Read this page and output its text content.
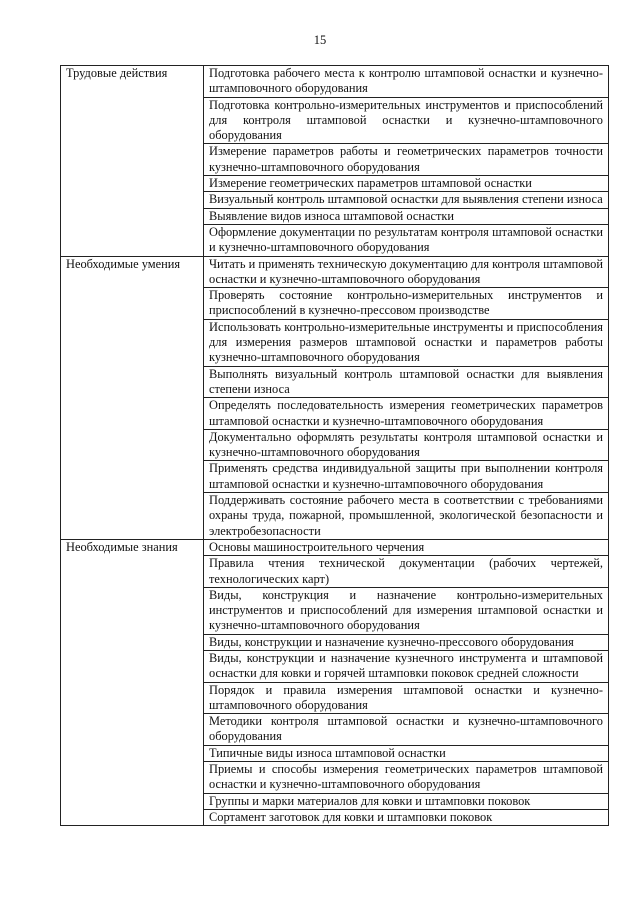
15
Трудовые действия	Подготовка рабочего места к контролю штамповой оснастки и кузнечно-штамповочного оборудования
	Подготовка контрольно-измерительных инструментов и приспособлений для контроля штамповой оснастки и кузнечно-штамповочного оборудования
	Измерение параметров работы и геометрических параметров точности кузнечно-штамповочного оборудования
	Измерение геометрических параметров штамповой оснастки
	Визуальный контроль штамповой оснастки для выявления степени износа
	Выявление видов износа штамповой оснастки
	Оформление документации по результатам контроля штамповой оснастки и кузнечно-штамповочного оборудования
Необходимые умения	Читать и применять техническую документацию для контроля штамповой оснастки и кузнечно-штамповочного оборудования
	Проверять состояние контрольно-измерительных инструментов и приспособлений в кузнечно-прессовом производстве
	Использовать контрольно-измерительные инструменты и приспособления для измерения размеров штамповой оснастки и параметров работы кузнечно-штамповочного оборудования
	Выполнять визуальный контроль штамповой оснастки для выявления степени износа
	Определять последовательность измерения геометрических параметров штамповой оснастки и кузнечно-штамповочного оборудования
	Документально оформлять результаты контроля штамповой оснастки и кузнечно-штамповочного оборудования
	Применять средства индивидуальной защиты при выполнении контроля штамповой оснастки и кузнечно-штамповочного оборудования
	Поддерживать состояние рабочего места в соответствии с требованиями охраны труда, пожарной, промышленной, экологической безопасности и электробезопасности
Необходимые знания	Основы машиностроительного черчения
	Правила чтения технической документации (рабочих чертежей, технологических карт)
	Виды, конструкция и назначение контрольно-измерительных инструментов и приспособлений для измерения штамповой оснастки и кузнечно-штамповочного оборудования
	Виды, конструкции и назначение кузнечно-прессового оборудования
	Виды, конструкции и назначение кузнечного инструмента и штамповой оснастки для ковки и горячей штамповки поковок средней сложности
	Порядок и правила измерения штамповой оснастки и кузнечно-штамповочного оборудования
	Методики контроля штамповой оснастки и кузнечно-штамповочного оборудования
	Типичные виды износа штамповой оснастки
	Приемы и способы измерения геометрических параметров штамповой оснастки и кузнечно-штамповочного оборудования
	Группы и марки материалов для ковки и штамповки поковок
	Сортамент заготовок для ковки и штамповки поковок
